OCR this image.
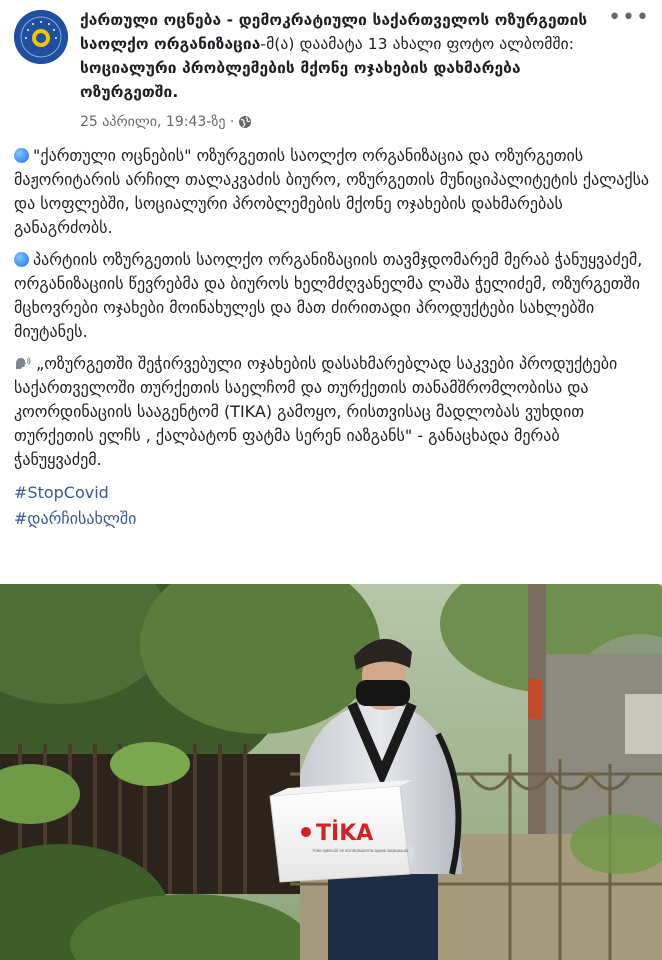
ქართული ოცნება - დემოკრატიული საქართველოს ოზურგეთის საოლქო ორგანიზაცია-მ(ა) დაამატა 13 ახალი ფოტო ალბომში: სოციალური პრობლემების მქონე ოჯახების დახმარება ოზურგეთში.
25 აპრილი, 19:43-ზე ·
•••

"ქართული ოცნების" ოზურგეთის საოლქო ორგანიზაცია და ოზურგეთის მაჟორიტარის არჩილ თალაკვაძის ბიურო, ოზურგეთის მუნიციპალიტეტის ქალაქსა და სოფლებში, სოციალური პრობლემების მქონე ოჯახების დახმარებას განაგრძობს.

პარტიის ოზურგეთის საოლქო ორგანიზაციის თავმჯდომარემ მერაბ ჭანუყვაძემ, ორგანიზაციის წევრებმა და ბიუროს ხელმძღვანელმა ლაშა ჭელიძემ, ოზურგეთში მცხოვრები ოჯახები მოინახულეს და მათ ძირითადი პროდუქტები სახლებში მიუტანეს.

„ოზურგეთში შეჭირვებული ოჯახების დასახმარებლად საკვები პროდუქტები საქართველოში თურქეთის საელჩომ და თურქეთის თანამშრომლობისა და კოორდინაციის სააგენტომ (TIKA) გამოყო, რისთვისაც მადლობას ვუხდით თურქეთის ელჩს , ქალბატონ ფატმა სერენ იაზგანს" - განაცხადა მერაბ ჭანუყვაძემ.

#StopCovid
#დარჩისახლში
TİKA
TÜRK İŞBİRLİĞİ VE KOORDİNASYON AJANSI BAŞKANLIĞI
